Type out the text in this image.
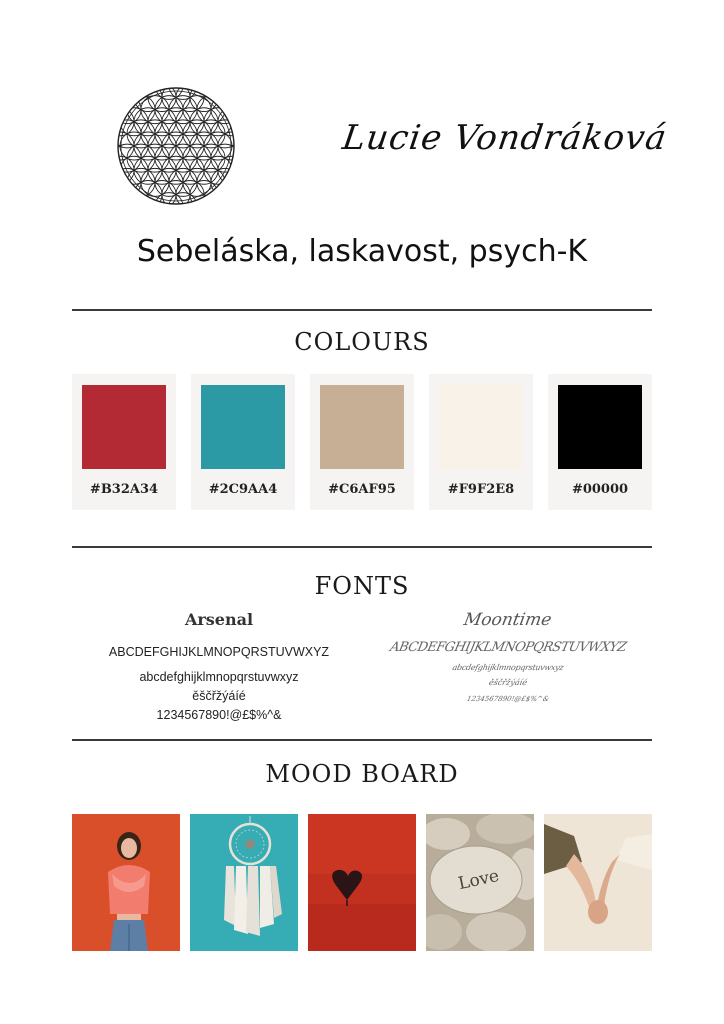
Lucie Vondráková
Sebeláska, laskavost, psych-K
COLOURS
#B32A34	#2C9AA4	#C6AF95	#F9F2E8	#00000
FONTS
Arsenal
ABCDEFGHIJKLMNOPQRSTUVWXYZ
abcdefghijklmnopqrstuvwxyz
ěščřžýáíé
1234567890!@£$%^&
Moontime
ABCDEFGHIJKLMNOPQRSTUVWXYZ
abcdefghijklmnopqrstuvwxyz
ěščřžýáíé
1234567890!@£$%^&
MOOD BOARD
Love
